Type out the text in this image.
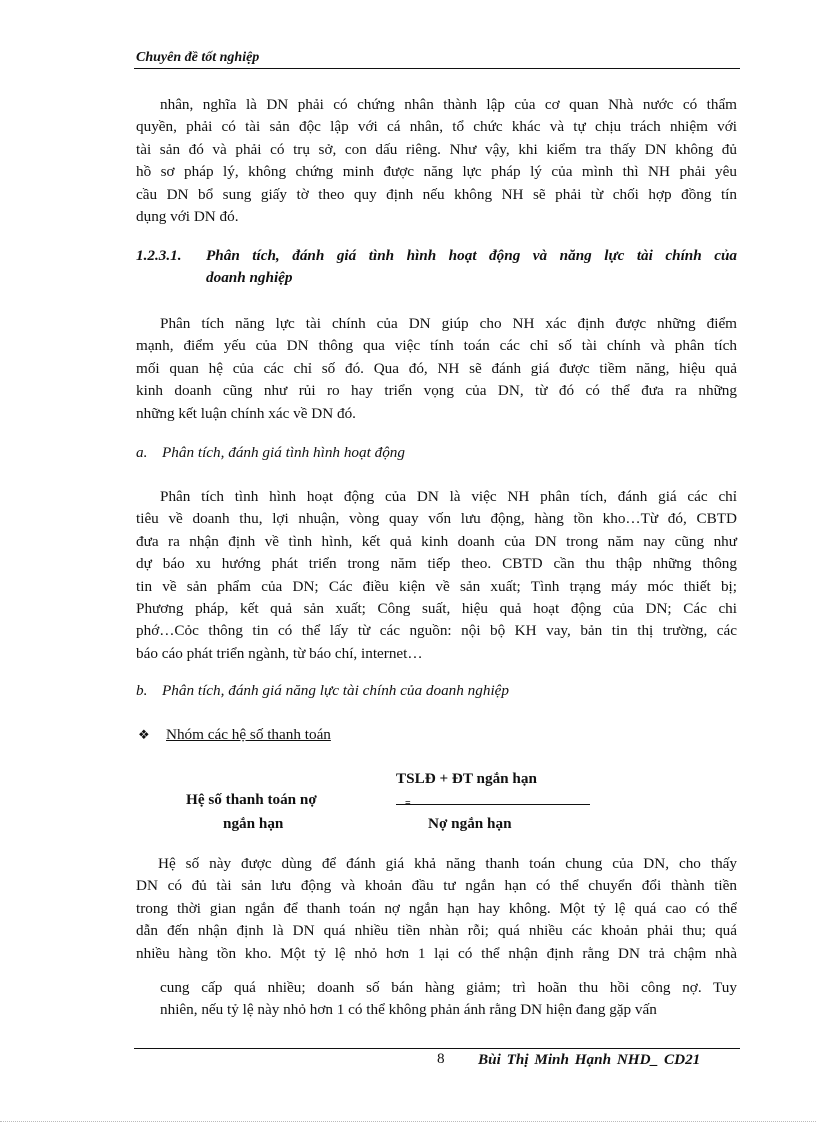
Chuyên đề tốt nghiệp
nhân, nghĩa là DN phải có chứng nhân thành lập của cơ quan Nhà nước có thẩm
quyền, phải có tài sản độc lập với cá nhân, tổ chức khác và tự chịu trách nhiệm với
tài sản đó và phải có trụ sở, con dấu riêng. Như vậy, khi kiểm tra thấy DN không đủ
hồ sơ pháp lý, không chứng minh được năng lực pháp lý của mình thì NH phải yêu
cầu DN bổ sung giấy tờ theo quy định nếu không NH sẽ phải từ chối hợp đồng tín
dụng với DN đó.
1.2.3.1. Phân tích, đánh giá tình hình hoạt động và năng lực tài chính của
doanh nghiệp
Phân tích năng lực tài chính của DN giúp cho NH xác định được những điểm
mạnh, điểm yếu của DN thông qua việc tính toán các chỉ số tài chính và phân tích
mối quan hệ của các chỉ số đó. Qua đó, NH sẽ đánh giá được tiềm năng, hiệu quả
kinh doanh cũng như rủi ro hay triển vọng của DN, từ đó có thể đưa ra những
những kết luận chính xác về DN đó.
a. Phân tích, đánh giá tình hình hoạt động
Phân tích tình hình hoạt động của DN là việc NH phân tích, đánh giá các chỉ
tiêu về doanh thu, lợi nhuận, vòng quay vốn lưu động, hàng tồn kho…Từ đó, CBTD
đưa ra nhận định về tình hình, kết quả kinh doanh của DN trong năm nay cũng như
dự báo xu hướng phát triển trong năm tiếp theo. CBTD cần thu thập những thông
tin về sản phẩm của DN; Các điều kiện về sản xuất; Tình trạng máy móc thiết bị;
Phương pháp, kết quả sản xuất; Công suất, hiệu quả hoạt động của DN; Các chi
phớ…Cỏc thông tin có thể lấy từ các nguồn: nội bộ KH vay, bản tin thị trường, các
báo cáo phát triển ngành, từ báo chí, internet…
b. Phân tích, đánh giá năng lực tài chính của doanh nghiệp
❖ Nhóm các hệ số thanh toán
Hệ số thanh toán nợ
ngắn hạn
TSLĐ + ĐT ngắn hạn
=
Nợ ngắn hạn
Hệ số này được dùng để đánh giá khả năng thanh toán chung của DN, cho thấy
DN có đủ tài sản lưu động và khoản đầu tư ngắn hạn có thể chuyển đổi thành tiền
trong thời gian ngắn để thanh toán nợ ngắn hạn hay không. Một tỷ lệ quá cao có thể
dẫn đến nhận định là DN quá nhiều tiền nhàn rỗi; quá nhiều các khoản phải thu; quá
nhiều hàng tồn kho. Một tỷ lệ nhỏ hơn 1 lại có thể nhận định rằng DN trả chậm nhà
cung cấp quá nhiều; doanh số bán hàng giảm; trì hoãn thu hồi công nợ. Tuy
nhiên, nếu tỷ lệ này nhỏ hơn 1 có thể không phản ánh rằng DN hiện đang gặp vấn
8 Bùi Thị Minh Hạnh NHD_ CD21
